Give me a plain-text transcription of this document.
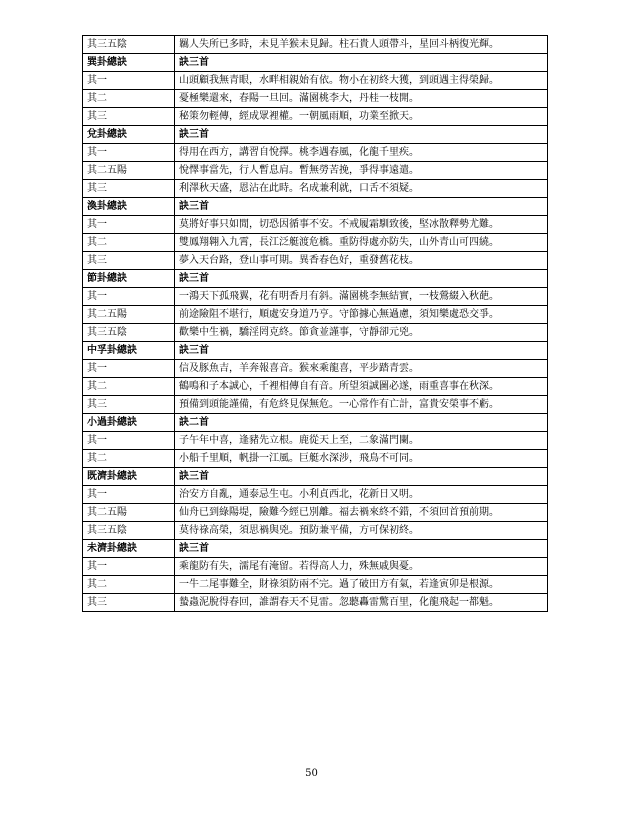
其三五陰	羈人失所已多時，未見羊猴未見歸。柱石貴人頭帶斗，星回斗柄復光輝。
巽卦總訣	訣三首
其一	山頭顧我無青眼，水畔相親始有依。物小在初終大獲，到頭遇主得榮歸。
其二	憂極樂還來，春陽一旦回。滿園桃李大，丹桂一枝開。
其三	秘策勿輕傳，經成眾裡權。一朝風雨順，功業至掀天。
兌卦總訣	訣三首
其一	得用在西方，講習自悅擇。桃李遇春風，化龍千里疾。
其二五陽	悅懌事當先，行人暫息肩。暫無勞苦挽，爭得事遠遣。
其三	利澤秋天盛，恩沾在此時。名成兼利就，口舌不須疑。
渙卦總訣	訣三首
其一	莫將好事只如閒，切恐因循事不安。不戒履霜馴致後，堅冰散釋勢尤難。
其二	雙鳳翔翱入九霄，長江泛艇渡危橋。重防得處亦防失，山外青山可四繞。
其三	夢入天台路，登山事可期。異香春色好，重發舊花枝。
節卦總訣	訣三首
其一	一鴻天下孤飛翼，花有明香月有斜。滿園桃李無結實，一枝鶯綴入秋葩。
其二五陽	前途險阻不堪行，順處安身道乃亨。守節據心無過慮，須知樂處恐交爭。
其三五陰	歡樂中生禍，驕淫罔克終。節貪並謹事，守靜卻元兇。
中孚卦總訣	訣三首
其一	信及豚魚吉，羊奔報喜音。猴來乘龍喜，平步踏青雲。
其二	鶴鳴和子本誠心，千裡相傳自有音。所望須誠圖必遂，雨重喜事在秋深。
其三	預備到頭能謹備，有危終見保無危。一心常作有亡計，富貴安榮事不虧。
小過卦總訣	訣二首
其一	子午年中喜，逢豬先立根。鹿從天上至，二象滿門闌。
其二	小船千里順，帆掛一江風。巨艇水深涉，飛鳥不可同。
既濟卦總訣	訣三首
其一	治安方自亂，通泰忌生屯。小利貞西北，花新日又明。
其二五陽	仙舟已到綠陽堤，險難今經已別離。福去禍來終不錯，不須回首預前期。
其三五陰	莫待祿高榮，須思禍與兇。預防兼平備，方可保初終。
未濟卦總訣	訣三首
其一	乘龍防有失，濡尾有淹留。若得高人力，殊無戚與憂。
其二	一牛二尾事難全，財祿須防兩不完。過了破田方有氣，若逢寅卯是根源。
其三	蟄蟲泥脫得春回，誰謂春天不見雷。忽聽轟雷驚百里，化龍飛起一都魁。
50
